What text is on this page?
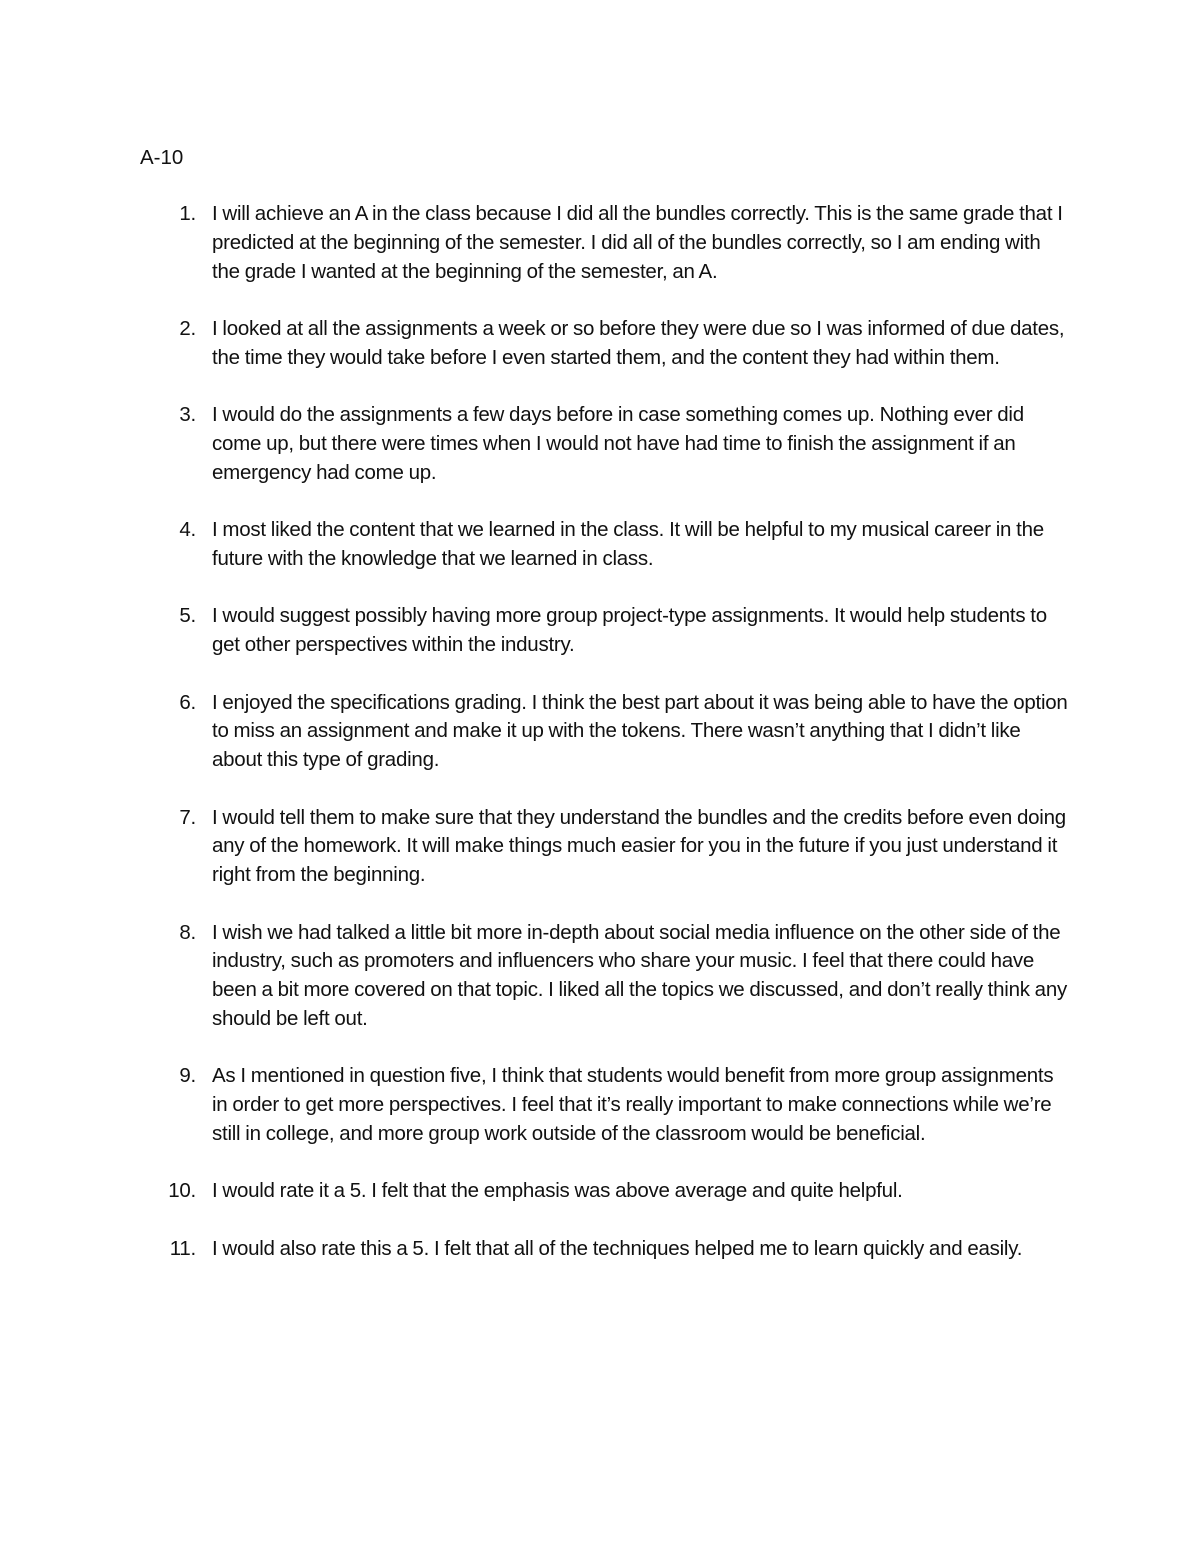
A-10
1. I will achieve an A in the class because I did all the bundles correctly. This is the same grade that I predicted at the beginning of the semester. I did all of the bundles correctly, so I am ending with the grade I wanted at the beginning of the semester, an A.
2. I looked at all the assignments a week or so before they were due so I was informed of due dates, the time they would take before I even started them, and the content they had within them.
3. I would do the assignments a few days before in case something comes up. Nothing ever did come up, but there were times when I would not have had time to finish the assignment if an emergency had come up.
4. I most liked the content that we learned in the class. It will be helpful to my musical career in the future with the knowledge that we learned in class.
5. I would suggest possibly having more group project-type assignments. It would help students to get other perspectives within the industry.
6. I enjoyed the specifications grading. I think the best part about it was being able to have the option to miss an assignment and make it up with the tokens. There wasn’t anything that I didn’t like about this type of grading.
7. I would tell them to make sure that they understand the bundles and the credits before even doing any of the homework. It will make things much easier for you in the future if you just understand it right from the beginning.
8. I wish we had talked a little bit more in-depth about social media influence on the other side of the industry, such as promoters and influencers who share your music. I feel that there could have been a bit more covered on that topic. I liked all the topics we discussed, and don’t really think any should be left out.
9. As I mentioned in question five, I think that students would benefit from more group assignments in order to get more perspectives. I feel that it’s really important to make connections while we’re still in college, and more group work outside of the classroom would be beneficial.
10. I would rate it a 5. I felt that the emphasis was above average and quite helpful.
11. I would also rate this a 5. I felt that all of the techniques helped me to learn quickly and easily.
